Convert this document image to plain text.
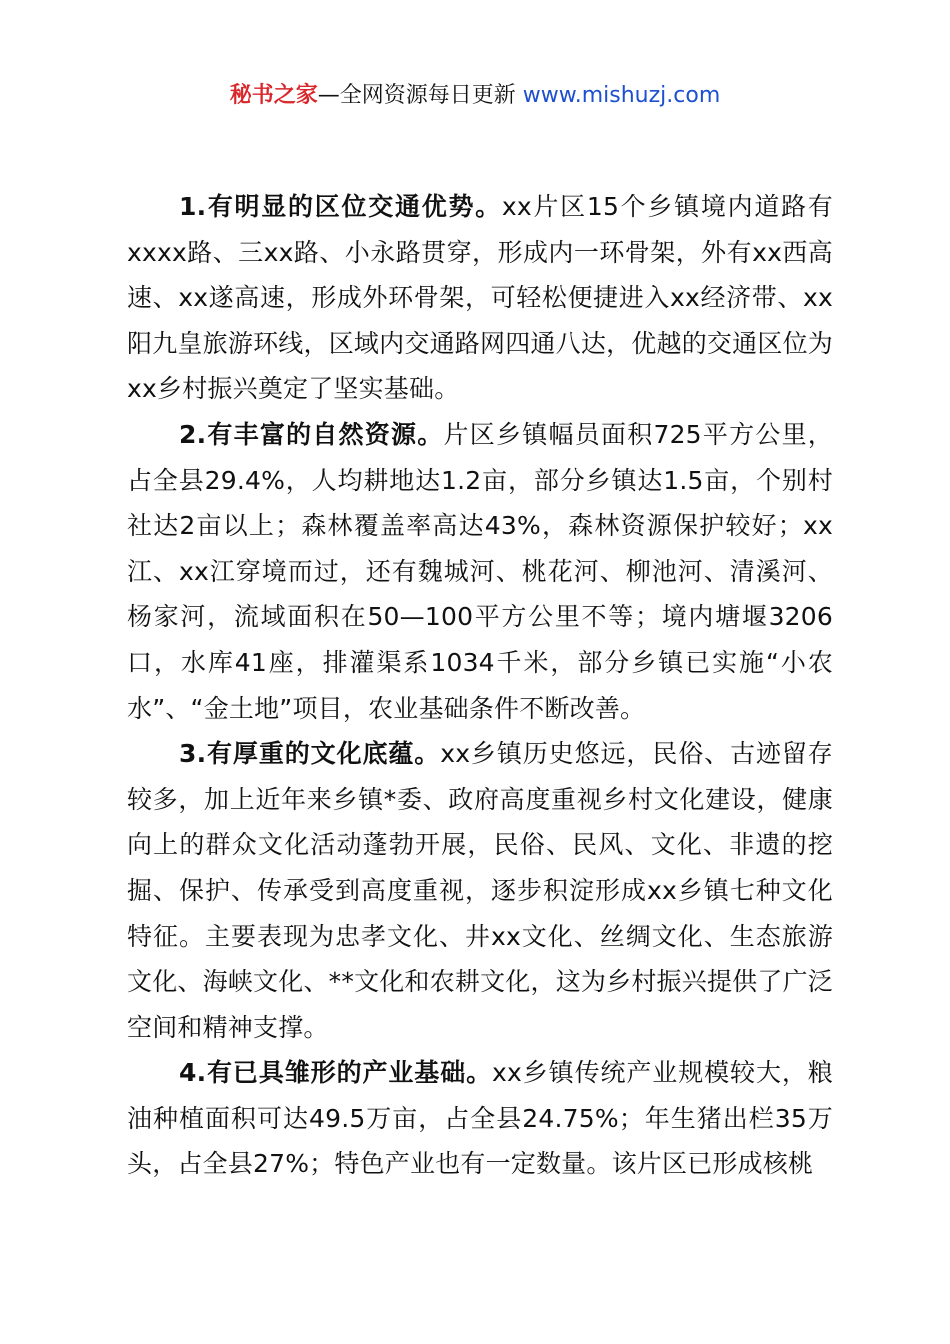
秘书之家—全网资源每日更新 www.mishuzj.com

1.有明显的区位交通优势。xx片区15个乡镇境内道路有xxxx路、三xx路、小永路贯穿，形成内一环骨架，外有xx西高速、xx遂高速，形成外环骨架，可轻松便捷进入xx经济带、xx阳九皇旅游环线，区域内交通路网四通八达，优越的交通区位为xx乡村振兴奠定了坚实基础。

2.有丰富的自然资源。片区乡镇幅员面积725平方公里，占全县29.4%，人均耕地达1.2亩，部分乡镇达1.5亩，个别村社达2亩以上；森林覆盖率高达43%，森林资源保护较好；xx江、xx江穿境而过，还有魏城河、桃花河、柳池河、清溪河、杨家河，流域面积在50—100平方公里不等；境内塘堰3206口，水库41座，排灌渠系1034千米，部分乡镇已实施“小农水”、“金土地”项目，农业基础条件不断改善。

3.有厚重的文化底蕴。xx乡镇历史悠远，民俗、古迹留存较多，加上近年来乡镇*委、政府高度重视乡村文化建设，健康向上的群众文化活动蓬勃开展，民俗、民风、文化、非遗的挖掘、保护、传承受到高度重视，逐步积淀形成xx乡镇七种文化特征。主要表现为忠孝文化、井xx文化、丝绸文化、生态旅游文化、海峡文化、**文化和农耕文化，这为乡村振兴提供了广泛空间和精神支撑。

4.有已具雏形的产业基础。xx乡镇传统产业规模较大，粮油种植面积可达49.5万亩，占全县24.75%；年生猪出栏35万头，占全县27%；特色产业也有一定数量。该片区已形成核桃
